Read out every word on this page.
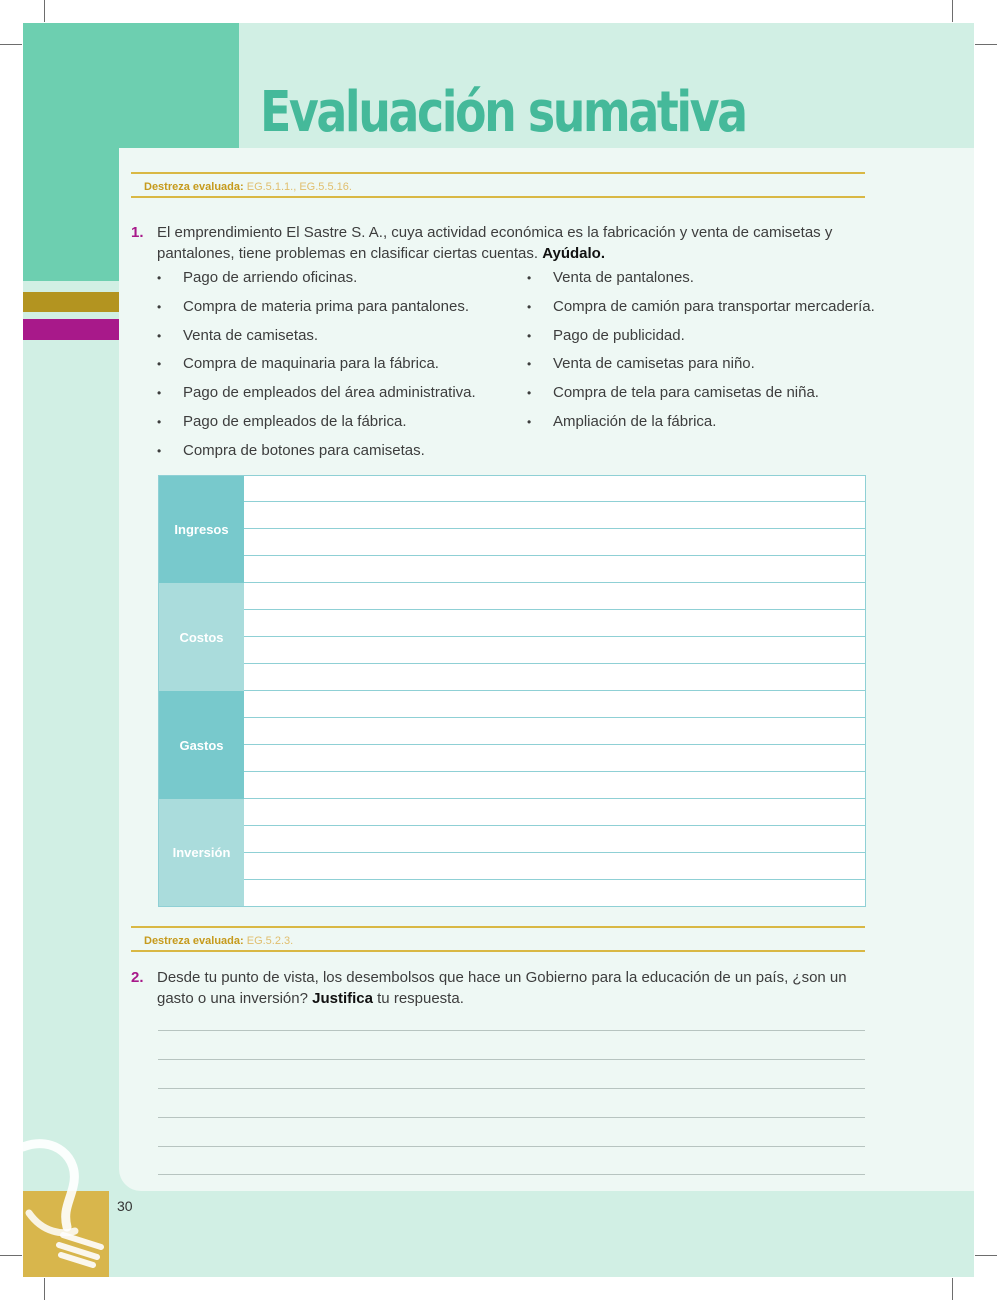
Evaluación sumativa
Destreza evaluada: EG.5.1.1., EG.5.5.16.
1. El emprendimiento El Sastre S. A., cuya actividad económica es la fabricación y venta de camisetas y pantalones, tiene problemas en clasificar ciertas cuentas. Ayúdalo.
• Pago de arriendo oficinas.
• Compra de materia prima para pantalones.
• Venta de camisetas.
• Compra de maquinaria para la fábrica.
• Pago de empleados del área administrativa.
• Pago de empleados de la fábrica.
• Compra de botones para camisetas.
• Venta de pantalones.
• Compra de camión para transportar mercadería.
• Pago de publicidad.
• Venta de camisetas para niño.
• Compra de tela para camisetas de niña.
• Ampliación de la fábrica.
Ingresos
Costos
Gastos
Inversión
Destreza evaluada: EG.5.2.3.
2. Desde tu punto de vista, los desembolsos que hace un Gobierno para la educación de un país, ¿son un gasto o una inversión? Justifica tu respuesta.
30
